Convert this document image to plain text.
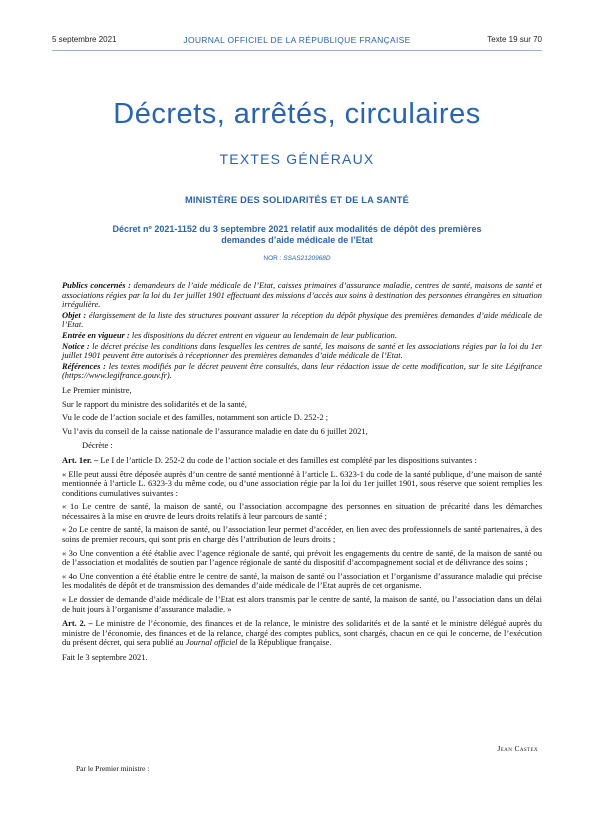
5 septembre 2021	JOURNAL OFFICIEL DE LA RÉPUBLIQUE FRANÇAISE	Texte 19 sur 70
Décrets, arrêtés, circulaires
TEXTES GÉNÉRAUX
MINISTÈRE DES SOLIDARITÉS ET DE LA SANTÉ
Décret nº 2021-1152 du 3 septembre 2021 relatif aux modalités de dépôt des premières demandes d’aide médicale de l’Etat
NOR : SSAS2120968D

Publics concernés : demandeurs de l’aide médicale de l’Etat, caisses primaires d’assurance maladie, centres de santé, maisons de santé et associations régies par la loi du 1er juillet 1901 effectuant des missions d’accès aux soins à destination des personnes étrangères en situation irrégulière.

Objet : élargissement de la liste des structures pouvant assurer la réception du dépôt physique des premières demandes d’aide médicale de l’Etat.

Entrée en vigueur : les dispositions du décret entrent en vigueur au lendemain de leur publication.

Notice : le décret précise les conditions dans lesquelles les centres de santé, les maisons de santé et les associations régies par la loi du 1er juillet 1901 peuvent être autorisés à réceptionner des premières demandes d’aide médicale de l’Etat.

Références : les textes modifiés par le décret peuvent être consultés, dans leur rédaction issue de cette modification, sur le site Légifrance (https://www.legifrance.gouv.fr).

Le Premier ministre,

Sur le rapport du ministre des solidarités et de la santé,

Vu le code de l’action sociale et des familles, notamment son article D. 252-2 ;

Vu l’avis du conseil de la caisse nationale de l’assurance maladie en date du 6 juillet 2021,

Décrète :

Art. 1er. – Le I de l’article D. 252-2 du code de l’action sociale et des familles est complété par les dispositions suivantes :

« Elle peut aussi être déposée auprès d’un centre de santé mentionné à l’article L. 6323-1 du code de la santé publique, d’une maison de santé mentionnée à l’article L. 6323-3 du même code, ou d’une association régie par la loi du 1er juillet 1901, sous réserve que soient remplies les conditions cumulatives suivantes :

« 1o Le centre de santé, la maison de santé, ou l’association accompagne des personnes en situation de précarité dans les démarches nécessaires à la mise en œuvre de leurs droits relatifs à leur parcours de santé ;

« 2o Le centre de santé, la maison de santé, ou l’association leur permet d’accéder, en lien avec des professionnels de santé partenaires, à des soins de premier recours, qui sont pris en charge dès l’attribution de leurs droits ;

« 3o Une convention a été établie avec l’agence régionale de santé, qui prévoit les engagements du centre de santé, de la maison de santé ou de l’association et modalités de soutien par l’agence régionale de santé du dispositif d’accompagnement social et de délivrance des soins ;

« 4o Une convention a été établie entre le centre de santé, la maison de santé ou l’association et l’organisme d’assurance maladie qui précise les modalités de dépôt et de transmission des demandes d’aide médicale de l’Etat auprès de cet organisme.

« Le dossier de demande d’aide médicale de l’Etat est alors transmis par le centre de santé, la maison de santé, ou l’association dans un délai de huit jours à l’organisme d’assurance maladie. »

Art. 2. – Le ministre de l’économie, des finances et de la relance, le ministre des solidarités et de la santé et le ministre délégué auprès du ministre de l’économie, des finances et de la relance, chargé des comptes publics, sont chargés, chacun en ce qui le concerne, de l’exécution du présent décret, qui sera publié au Journal officiel de la République française.

Fait le 3 septembre 2021.

Jean Castex
Par le Premier ministre :
